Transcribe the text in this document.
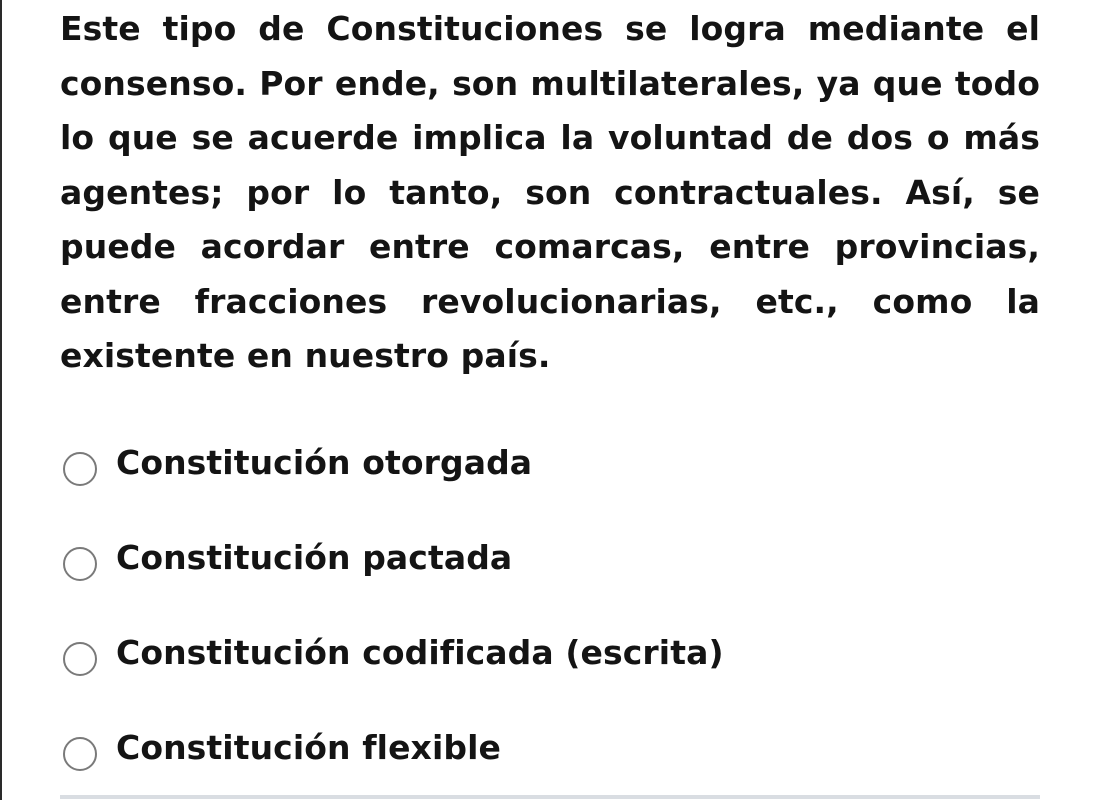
Este tipo de Constituciones se logra mediante el consenso. Por ende, son multilaterales, ya que todo lo que se acuerde implica la voluntad de dos o más agentes; por lo tanto, son contractuales. Así, se puede acordar entre comarcas, entre provincias, entre fracciones revolucionarias, etc., como la existente en nuestro país.

Constitución otorgada
Constitución pactada
Constitución codificada (escrita)
Constitución flexible
